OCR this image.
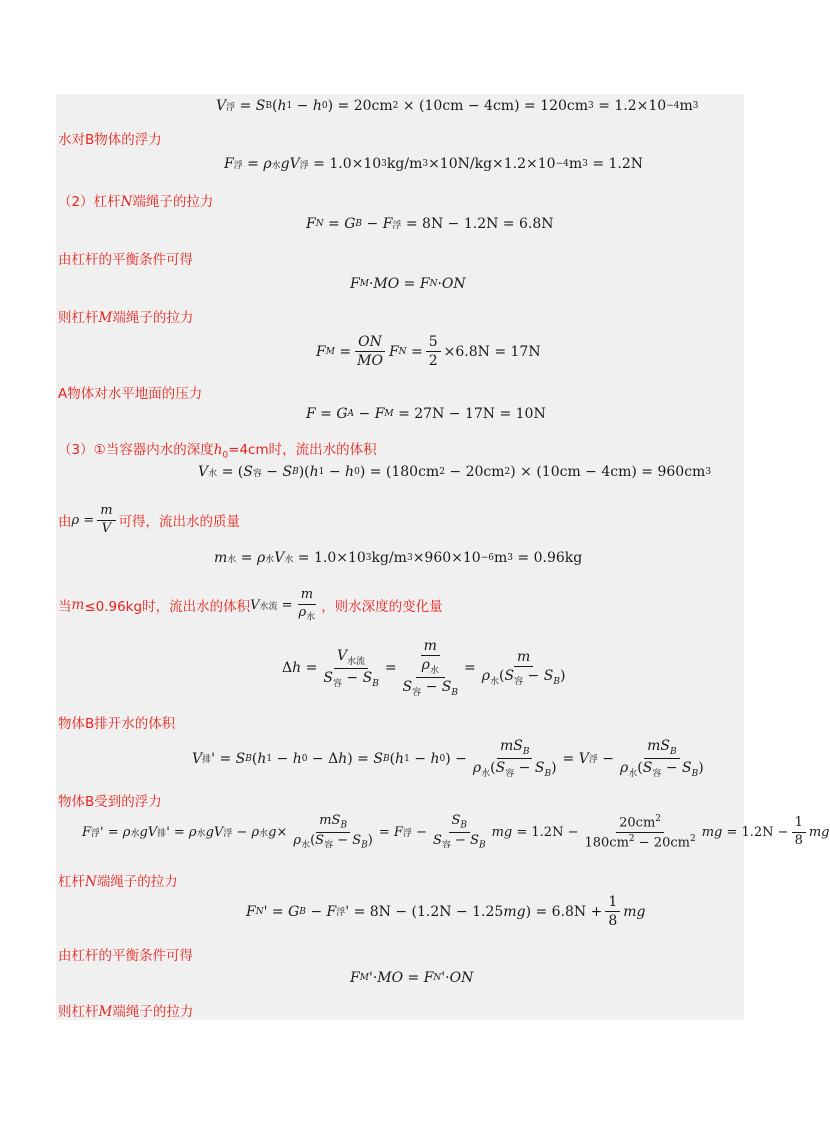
V 浮 = S B ( h 1 − h 0 ) = 20cm 2 × (10cm − 4cm) = 120cm 3 = 1.2×10 −4 m 3
水对B物体的浮力
F 浮 = ρ 水 gV 浮 = 1.0×10 3 kg/m 3 ×10N/kg×1.2×10 −4 m 3 = 1.2N
（2）杠杆N端绳子的拉力
F N = G B − F 浮 = 8N − 1.2N = 6.8N
由杠杆的平衡条件可得
F M · MO = F N · ON
则杠杆M端绳子的拉力
F $M = \frac{ON}{MO}$ F $N = \frac{5}{2} \times 6.8N = 17N$
A物体对水平地面的压力
F = G A − F M = 27N − 17N = 10N
（3）①当容器内水的深度$h_0=4cm$时，流出水的体积
V 水 = ( S 容 − S B )( h 1 − h 0 ) = (180cm 2 − 20cm 2 ) × (10cm − 4cm) = 960cm 3
由 $\rho = \frac{m}{V}$ 可得，流出水的质量
m 水 = ρ 水 V 水 = 1.0×10 3 kg/m 3 ×960×10 −6 m 3 = 0.96kg
当 m ≤0.96kg时，流出水的体积 V 水流 = $\frac{m}{\rho_水}$ ，则水深度的变化量
Δ $h = \frac{V_{水流}}{S_容 - S_B} = \frac{\frac{m}{\rho_水}}{S_容 - S_B} = \frac{m}{\rho_水(S_容 - S_B)}$
物体B排开水的体积
V 排 ' = S B ( h 1 − h 0 − Δ h ) = S B ( h 1 − h 0 ) − $\frac{mS_B}{\rho_水(S_容 - S_B)} = V$ 浮 − $\frac{mS_B}{\rho_水(S_容 - S_B)}$
物体B受到的浮力
F 浮 ' = ρ 水 gV 排 ' = ρ 水 gV 浮 − ρ 水 $g \times \frac{mS_B}{\rho_水(S_容 - S_B)} = F$ 浮 − $\frac{S_B}{S_容 - S_B}$ mg = $1.2N - \frac{20cm^2}{180cm^2 - 20cm^2}$ mg = $1.2N - \frac{1}{8}$ mg
杠杆N端绳子的拉力
F N ' = G B − F 浮 ' = 8N − (1.2N − 1.25 mg ) = $6.8N + \frac{1}{8}$ mg
由杠杆的平衡条件可得
F M '· MO = F N '· ON
则杠杆M端绳子的拉力
